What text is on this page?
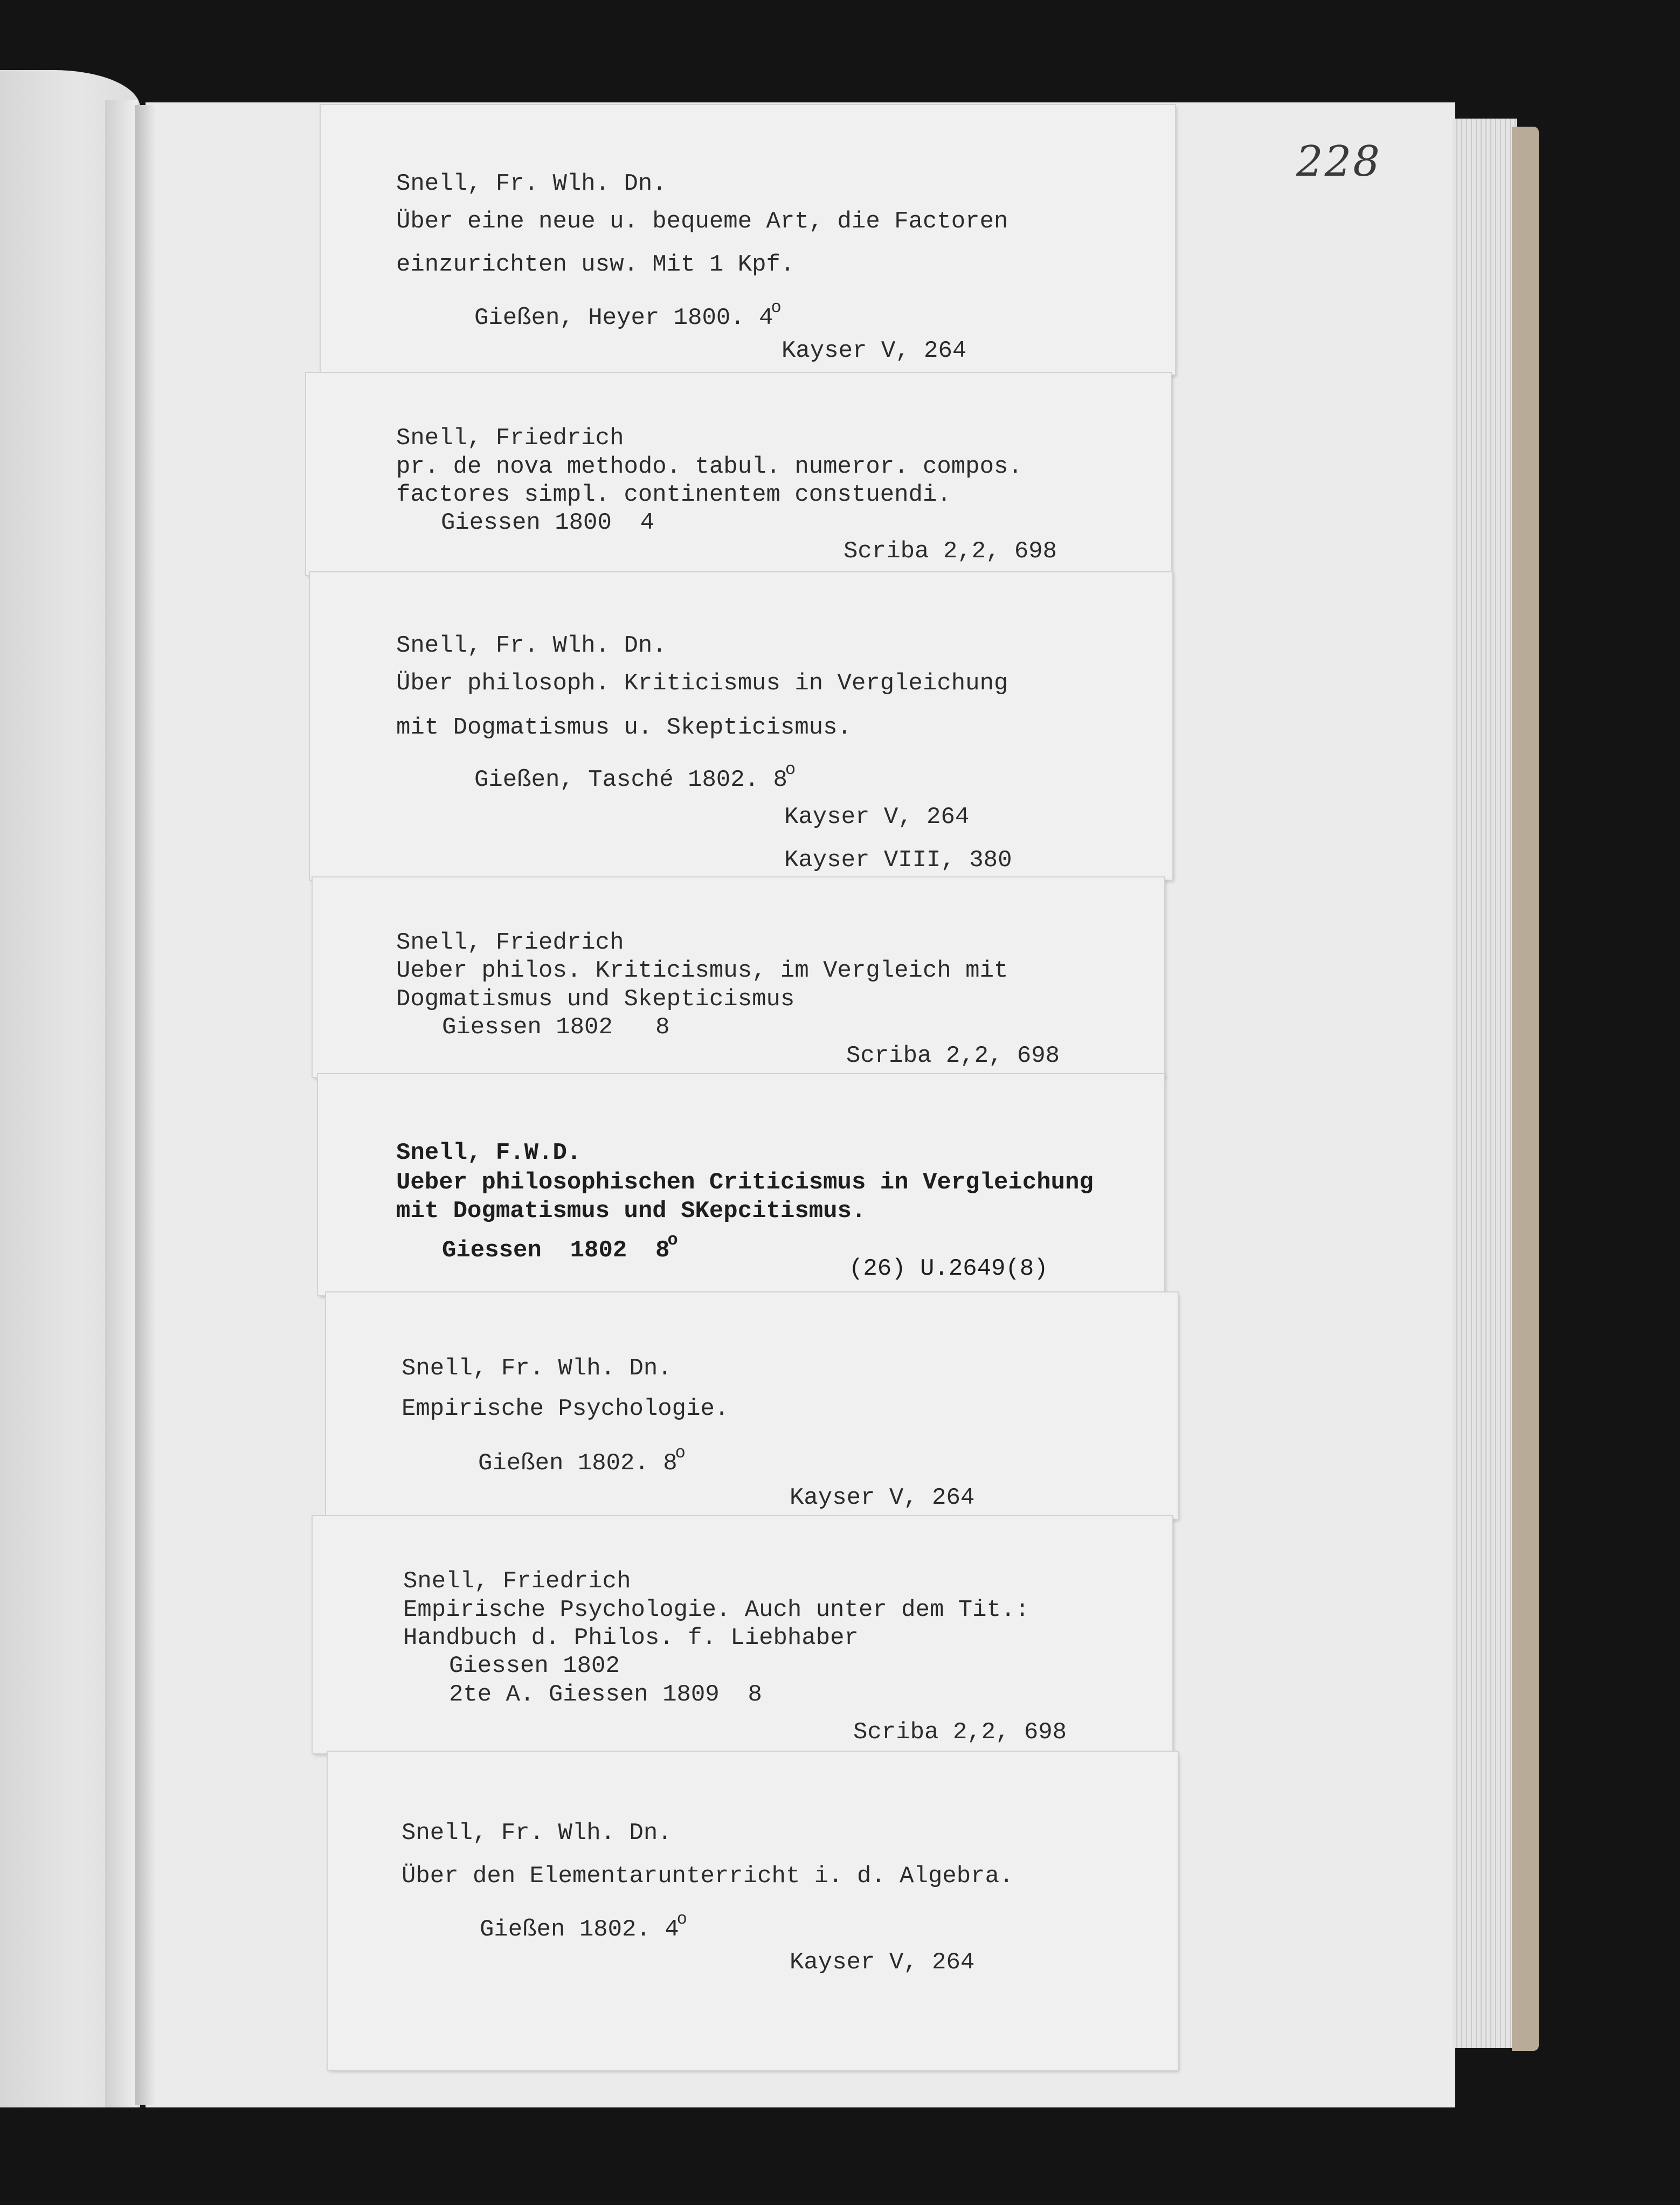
228

Snell, Fr. Wlh. Dn.

Über eine neue u. bequeme Art, die Factoren

einzurichten usw. Mit 1 Kpf.

Gießen, Heyer 1800. 4$^o$

Kayser V, 264

Snell, Friedrich

pr. de nova methodo. tabul. numeror. compos.

factores simpl. continentem constuendi.

Giessen 1800  4

Scriba 2,2, 698

Snell, Fr. Wlh. Dn.

Über philosoph. Kriticismus in Vergleichung

mit Dogmatismus u. Skepticismus.

Gießen, Tasché 1802. 8$^o$

Kayser V, 264

Kayser VIII, 380

Snell, Friedrich

Ueber philos. Kriticismus, im Vergleich mit

Dogmatismus und Skepticismus

Giessen 1802   8

Scriba 2,2, 698

Snell, F.W.D.

Ueber philosophischen Criticismus in Vergleichung

mit Dogmatismus und SKepcitismus.

Giessen  1802  8$^o$

(26) U.2649(8)

Snell, Fr. Wlh. Dn.

Empirische Psychologie.

Gießen 1802. 8$^o$

Kayser V, 264

Snell, Friedrich

Empirische Psychologie. Auch unter dem Tit.:

Handbuch d. Philos. f. Liebhaber

Giessen 1802

2te A. Giessen 1809  8

Scriba 2,2, 698

Snell, Fr. Wlh. Dn.

Über den Elementarunterricht i. d. Algebra.

Gießen 1802. 4$^o$

Kayser V, 264
